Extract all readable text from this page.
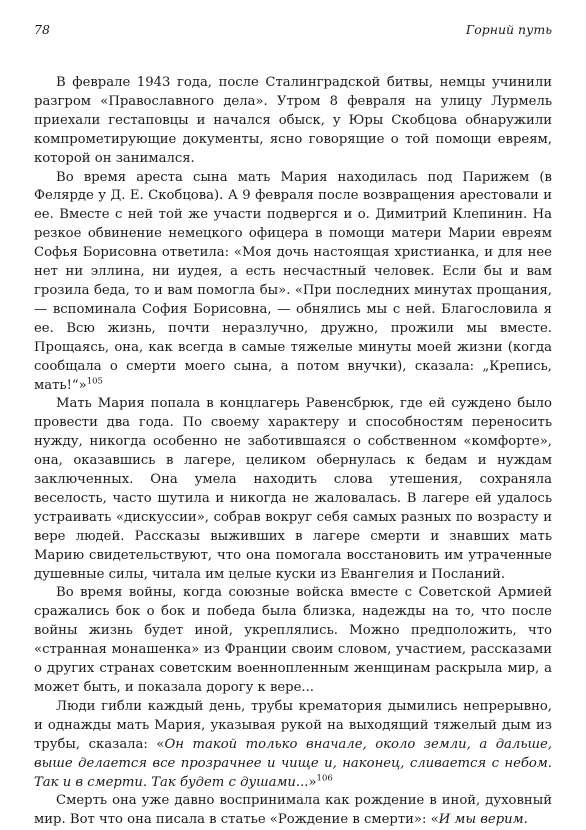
78	Горний путь

В феврале 1943 года, после Сталинградской битвы, немцы учинили разгром «Православного дела». Утром 8 февраля на улицу Лурмель приехали гестаповцы и начался обыск, у Юры Скобцова обнаружили компрометирующие документы, ясно говорящие о той помощи евреям, которой он занимался.

Во время ареста сына мать Мария находилась под Парижем (в Фелярде у Д. Е. Скобцова). А 9 февраля после возвращения арестовали и ее. Вместе с ней той же участи подвергся и о. Димитрий Клепинин. На резкое обвинение немецкого офицера в помощи матери Марии евреям Софья Борисовна ответила: «Моя дочь настоящая христианка, и для нее нет ни эллина, ни иудея, а есть несчастный человек. Если бы и вам грозила беда, то и вам помогла бы». «При последних минутах прощания, — вспоминала София Борисовна, — обнялись мы с ней. Благословила я ее. Всю жизнь, почти неразлучно, дружно, прожили мы вместе. Прощаясь, она, как всегда в самые тяжелые минуты моей жизни (когда сообщала о смерти моего сына, а потом внучки), сказала: „Крепись, мать!“»$^{105}$

Мать Мария попала в концлагерь Равенсбрюк, где ей суждено было провести два года. По своему характеру и способностям переносить нужду, никогда особенно не заботившаяся о собственном «комфорте», она, оказавшись в лагере, целиком обернулась к бедам и нуждам заключенных. Она умела находить слова утешения, сохраняла веселость, часто шутила и никогда не жаловалась. В лагере ей удалось устраивать «дискуссии», собрав вокруг себя самых разных по возрасту и вере людей. Рассказы выживших в лагере смерти и знавших мать Марию свидетельствуют, что она помогала восстановить им утраченные душевные силы, читала им целые куски из Евангелия и Посланий.

Во время войны, когда союзные войска вместе с Советской Армией сражались бок о бок и победа была близка, надежды на то, что после войны жизнь будет иной, укреплялись. Можно предположить, что «странная монашенка» из Франции своим словом, участием, рассказами о других странах советским военнопленным женщинам раскрыла мир, а может быть, и показала дорогу к вере...

Люди гибли каждый день, трубы крематория дымились непрерывно, и однажды мать Мария, указывая рукой на выходящий тяжелый дым из трубы, сказала: «Он такой только вначале, около земли, а дальше, выше делается все прозрачнее и чище и, наконец, сливается с небом. Так и в смерти. Так будет с душами...»$^{106}$

Смерть она уже давно воспринимала как рождение в иной, духовный мир. Вот что она писала в статье «Рождение в смерти»: «И мы верим.
